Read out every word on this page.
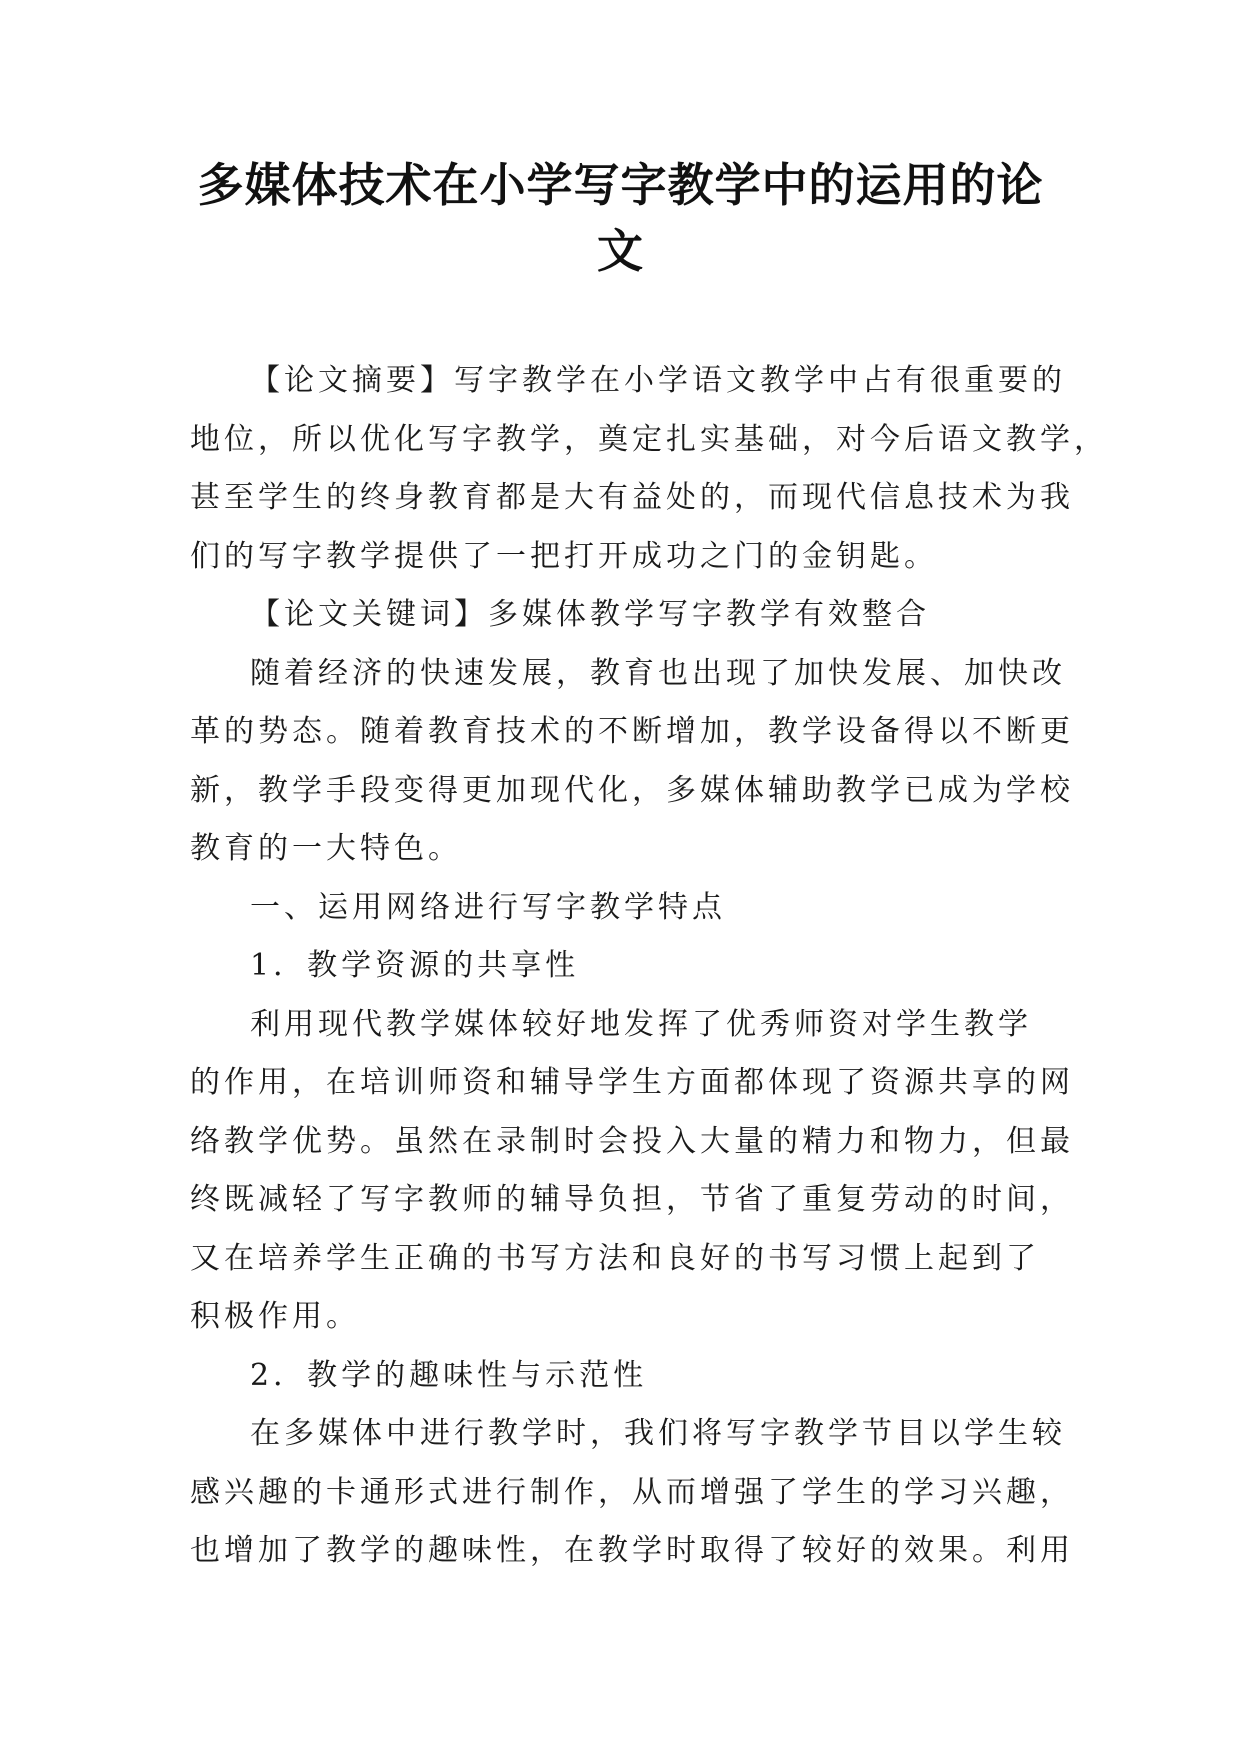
多媒体技术在小学写字教学中的运用的论
文

【论文摘要】写字教学在小学语文教学中占有很重要的
地位，所以优化写字教学，奠定扎实基础，对今后语文教学，
甚至学生的终身教育都是大有益处的，而现代信息技术为我
们的写字教学提供了一把打开成功之门的金钥匙。

【论文关键词】多媒体教学写字教学有效整合

随着经济的快速发展，教育也出现了加快发展、加快改
革的势态。随着教育技术的不断增加，教学设备得以不断更
新，教学手段变得更加现代化，多媒体辅助教学已成为学校
教育的一大特色。

一、运用网络进行写字教学特点

1．教学资源的共享性

利用现代教学媒体较好地发挥了优秀师资对学生教学
的作用，在培训师资和辅导学生方面都体现了资源共享的网
络教学优势。虽然在录制时会投入大量的精力和物力，但最
终既减轻了写字教师的辅导负担，节省了重复劳动的时间，
又在培养学生正确的书写方法和良好的书写习惯上起到了
积极作用。

2．教学的趣味性与示范性

在多媒体中进行教学时，我们将写字教学节目以学生较
感兴趣的卡通形式进行制作，从而增强了学生的学习兴趣，
也增加了教学的趣味性，在教学时取得了较好的效果。利用
